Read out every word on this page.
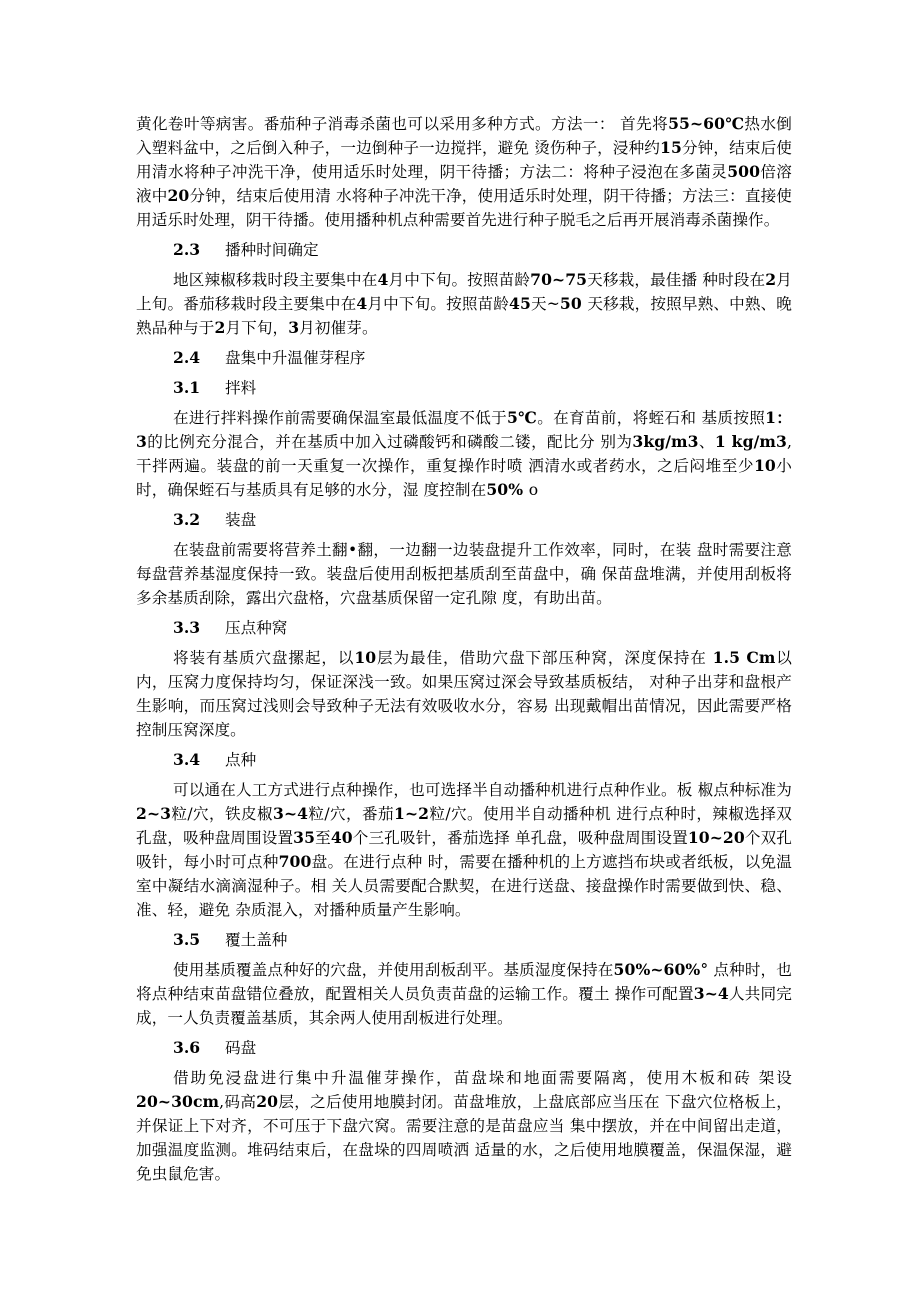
黄化卷叶等病害。番茄种子消毒杀菌也可以采用多种方式。方法一： 首先将55~60℃热水倒入塑料盆中，之后倒入种子，一边倒种子一边搅拌，避免 烫伤种子，浸种约15分钟，结束后使用清水将种子冲洗干净，使用适乐时处理，阴干待播；方法二：将种子浸泡在多菌灵500倍溶液中20分钟，结束后使用清 水将种子冲洗干净，使用适乐时处理，阴干待播；方法三：直接使用适乐时处理，阴干待播。使用播种机点种需要首先进行种子脱毛之后再开展消毒杀菌操作。

2.3	播种时间确定

地区辣椒移栽时段主要集中在4月中下旬。按照苗龄70~75天移栽，最佳播 种时段在2月上旬。番茄移栽时段主要集中在4月中下旬。按照苗龄45天~50 天移栽，按照早熟、中熟、晚熟品种与于2月下旬，3月初催芽。

2.4	盘集中升温催芽程序
3.1	拌料

在进行拌料操作前需要确保温室最低温度不低于5℃。在育苗前，将蛭石和 基质按照1：3的比例充分混合，并在基质中加入过磷酸钙和磷酸二镂，配比分 别为3kg/m3、1 kg/m3,干拌两遍。装盘的前一天重复一次操作，重复操作时喷 洒清水或者药水，之后闷堆至少10小时，确保蛭石与基质具有足够的水分，湿 度控制在50% o

3.2	装盘

在装盘前需要将营养土翻•翻，一边翻一边装盘提升工作效率，同时，在装 盘时需要注意每盘营养基湿度保持一致。装盘后使用刮板把基质刮至苗盘中，确 保苗盘堆满，并使用刮板将多余基质刮除，露出穴盘格，穴盘基质保留一定孔隙 度，有助出苗。

3.3	压点种窝

将装有基质穴盘摞起，以10层为最佳，借助穴盘下部压种窝，深度保持在 1.5 Cm以内，压窝力度保持均匀，保证深浅一致。如果压窝过深会导致基质板结， 对种子出芽和盘根产生影响，而压窝过浅则会导致种子无法有效吸收水分，容易 出现戴帽出苗情况，因此需要严格控制压窝深度。

3.4	点种

可以通在人工方式进行点种操作，也可选择半自动播种机进行点种作业。板 椒点种标准为2~3粒/穴，铁皮椒3~4粒/穴，番茄1~2粒/穴。使用半自动播种机 进行点种时，辣椒选择双孔盘，吸种盘周围设置35至40个三孔吸针，番茄选择 单孔盘，吸种盘周围设置10~20个双孔吸针，每小时可点种700盘。在进行点种 时，需要在播种机的上方遮挡布块或者纸板，以免温室中凝结水滴滴湿种子。相 关人员需要配合默契，在进行送盘、接盘操作时需要做到快、稳、准、轻，避免 杂质混入，对播种质量产生影响。

3.5	覆土盖种

使用基质覆盖点种好的穴盘，并使用刮板刮平。基质湿度保持在50%~60%° 点种时，也将点种结束苗盘错位叠放，配置相关人员负责苗盘的运输工作。覆土 操作可配置3~4人共同完成，一人负责覆盖基质，其余两人使用刮板进行处理。

3.6	码盘

借助免浸盘进行集中升温催芽操作，苗盘垛和地面需要隔离，使用木板和砖 架设20~30cm,码高20层，之后使用地膜封闭。苗盘堆放，上盘底部应当压在 下盘穴位格板上，并保证上下对齐，不可压于下盘穴窝。需要注意的是苗盘应当 集中摆放，并在中间留出走道，加强温度监测。堆码结束后，在盘垛的四周喷洒 适量的水，之后使用地膜覆盖，保温保湿，避免虫鼠危害。
